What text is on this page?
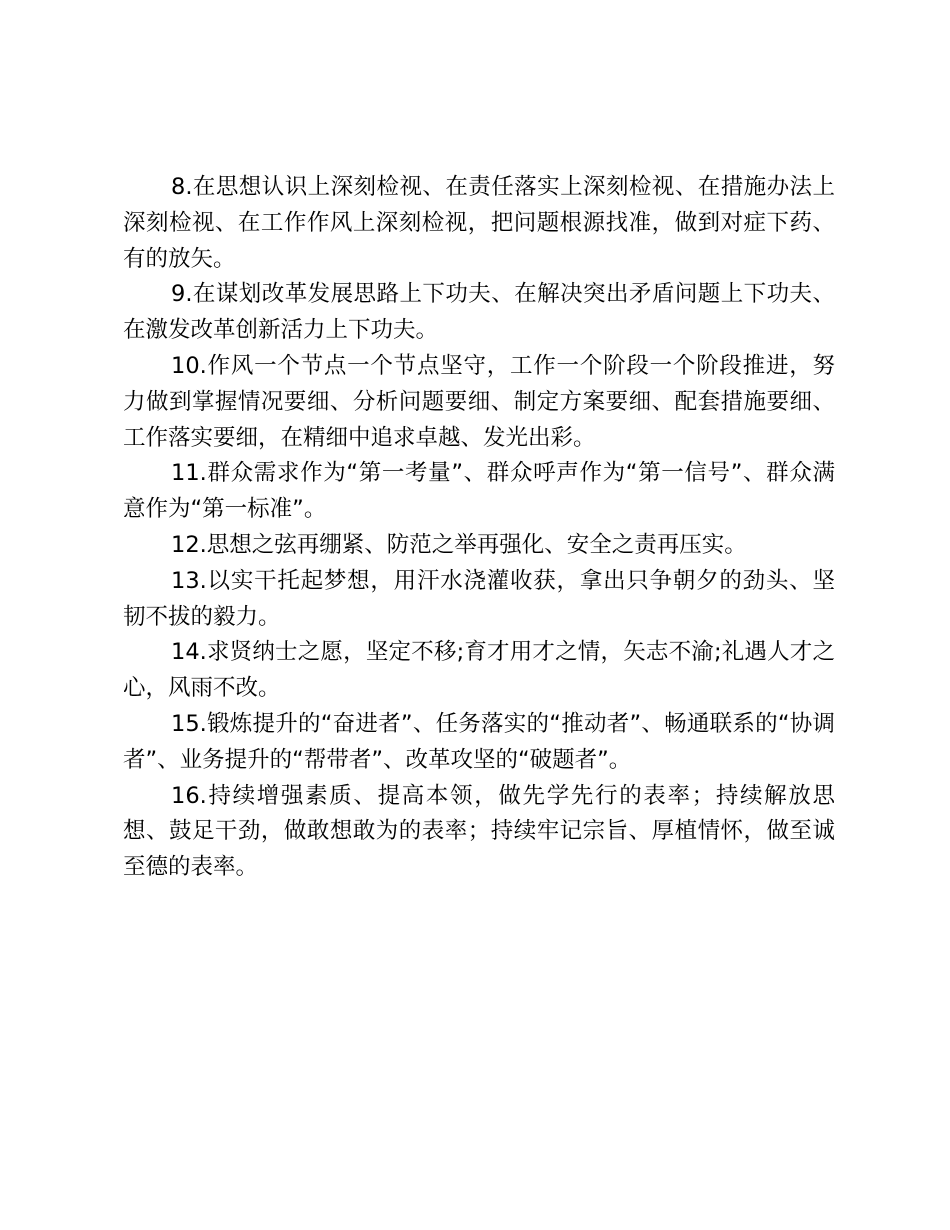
8.在思想认识上深刻检视、在责任落实上深刻检视、在措施办法上深刻检视、在工作作风上深刻检视，把问题根源找准，做到对症下药、有的放矢。

9.在谋划改革发展思路上下功夫、在解决突出矛盾问题上下功夫、在激发改革创新活力上下功夫。

10.作风一个节点一个节点坚守，工作一个阶段一个阶段推进，努力做到掌握情况要细、分析问题要细、制定方案要细、配套措施要细、工作落实要细，在精细中追求卓越、发光出彩。

11.群众需求作为“第一考量”、群众呼声作为“第一信号”、群众满意作为“第一标准”。

12.思想之弦再绷紧、防范之举再强化、安全之责再压实。

13.以实干托起梦想，用汗水浇灌收获，拿出只争朝夕的劲头、坚韧不拔的毅力。

14.求贤纳士之愿，坚定不移;育才用才之情，矢志不渝;礼遇人才之心，风雨不改。

15.锻炼提升的“奋进者”、任务落实的“推动者”、畅通联系的“协调者”、业务提升的“帮带者”、改革攻坚的“破题者”。

16.持续增强素质、提高本领，做先学先行的表率；持续解放思想、鼓足干劲，做敢想敢为的表率；持续牢记宗旨、厚植情怀，做至诚至德的表率。
